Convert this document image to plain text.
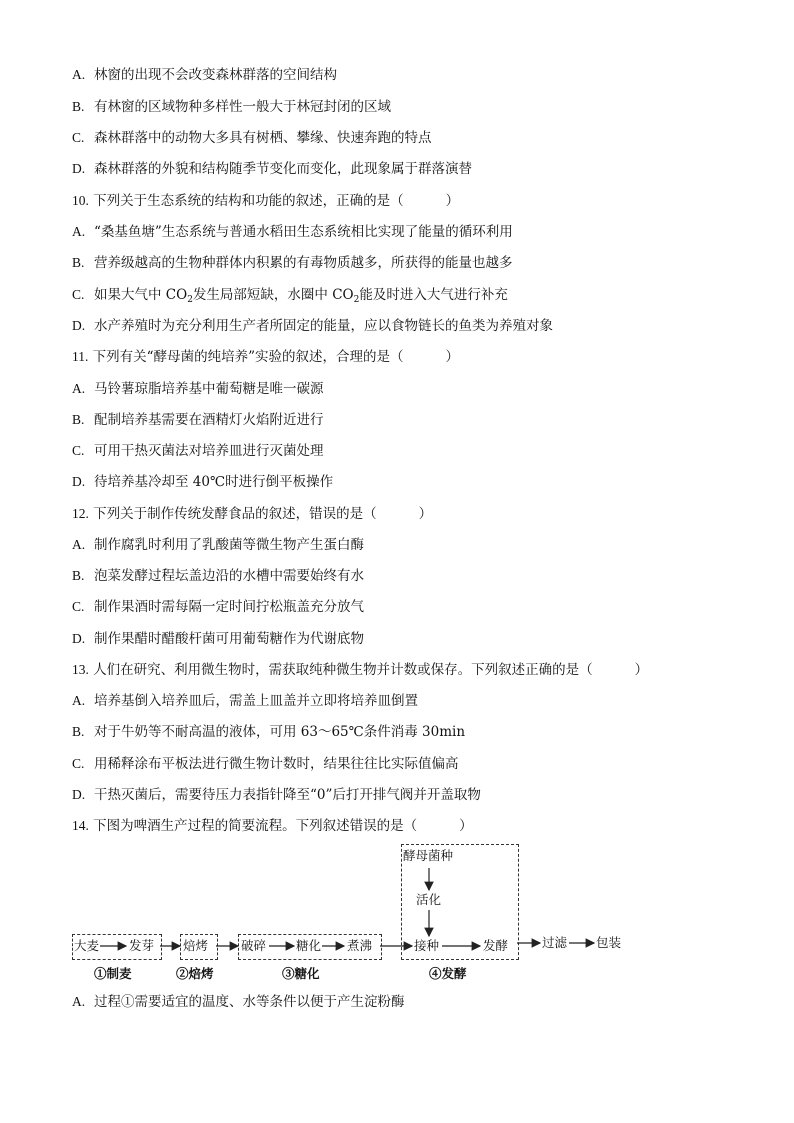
A. 林窗的出现不会改变森林群落的空间结构
B. 有林窗的区域物种多样性一般大于林冠封闭的区域
C. 森林群落中的动物大多具有树栖、攀缘、快速奔跑的特点
D. 森林群落的外貌和结构随季节变化而变化，此现象属于群落演替
10. 下列关于生态系统的结构和功能的叙述，正确的是（	）
A. “桑基鱼塘”生态系统与普通水稻田生态系统相比实现了能量的循环利用
B. 营养级越高的生物种群体内积累的有毒物质越多，所获得的能量也越多
C. 如果大气中 $CO_2$发生局部短缺，水圈中 $CO_2$能及时进入大气进行补充
D. 水产养殖时为充分利用生产者所固定的能量，应以食物链长的鱼类为养殖对象
11. 下列有关“酵母菌的纯培养”实验的叙述，合理的是（	）
A. 马铃薯琼脂培养基中葡萄糖是唯一碳源
B. 配制培养基需要在酒精灯火焰附近进行
C. 可用干热灭菌法对培养皿进行灭菌处理
D. 待培养基冷却至 40℃时进行倒平板操作
12. 下列关于制作传统发酵食品的叙述，错误的是（	）
A. 制作腐乳时利用了乳酸菌等微生物产生蛋白酶
B. 泡菜发酵过程坛盖边沿的水槽中需要始终有水
C. 制作果酒时需每隔一定时间拧松瓶盖充分放气
D. 制作果醋时醋酸杆菌可用葡萄糖作为代谢底物
13. 人们在研究、利用微生物时，需获取纯种微生物并计数或保存。下列叙述正确的是（	）
A. 培养基倒入培养皿后，需盖上皿盖并立即将培养皿倒置
B. 对于牛奶等不耐高温的液体，可用 63～65℃条件消毒 30min
C. 用稀释涂布平板法进行微生物计数时，结果往往比实际值偏高
D. 干热灭菌后，需要待压力表指针降至“0”后打开排气阀并开盖取物
14. 下图为啤酒生产过程的简要流程。下列叙述错误的是（	）
酵母菌种
活化
大麦 发芽 焙烤	破碎 糖化 煮沸	接种	发酵	过滤 包装
①制麦	②焙烤	③糖化	④发酵
A. 过程①需要适宜的温度、水等条件以便于产生淀粉酶
